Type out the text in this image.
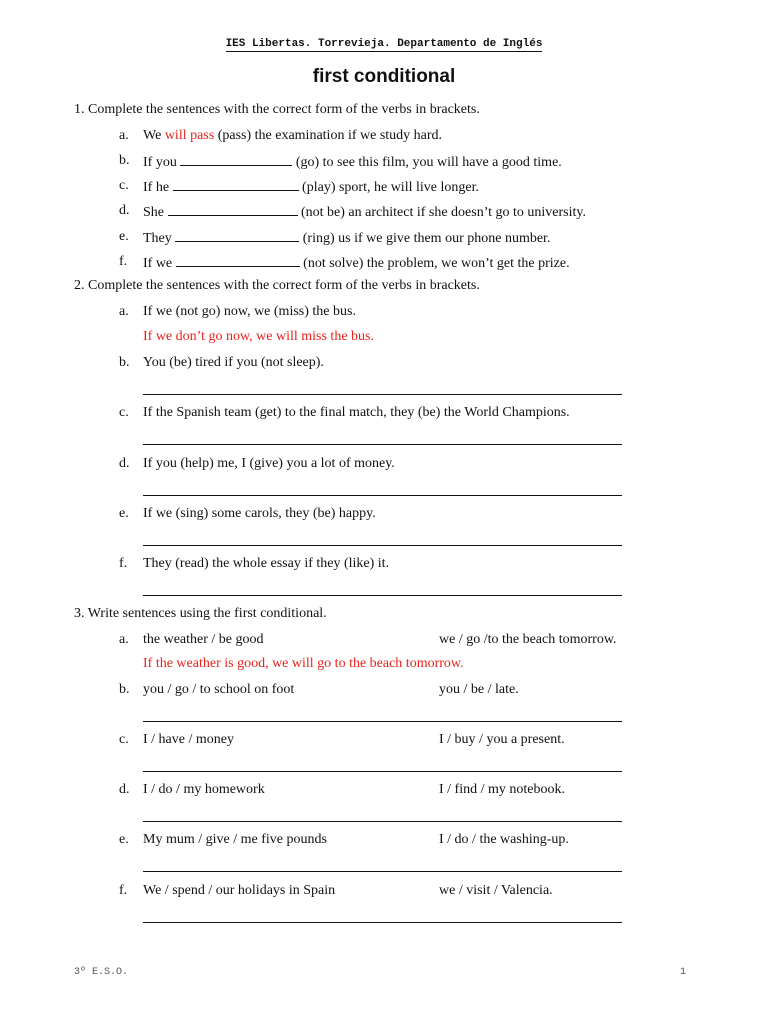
IES Libertas. Torrevieja. Departamento de Inglés
first conditional
1. Complete the sentences with the correct form of the verbs in brackets.
a. We will pass (pass) the examination if we study hard.
b. If you	(go) to see this film, you will have a good time.
c. If he	(play) sport, he will live longer.
d. She	(not be) an architect if she doesn’t go to university.
e. They	(ring) us if we give them our phone number.
f. If we	(not solve) the problem, we won’t get the prize.
2. Complete the sentences with the correct form of the verbs in brackets.
a. If we (not go) now, we (miss) the bus.
If we don’t go now, we will miss the bus.
b. You (be) tired if you (not sleep).
c. If the Spanish team (get) to the final match, they (be) the World Champions.
d. If you (help) me, I (give) you a lot of money.
e. If we (sing) some carols, they (be) happy.
f. They (read) the whole essay if they (like) it.
3. Write sentences using the first conditional.
a. the weather / be good	we / go /to the beach tomorrow.
If the weather is good, we will go to the beach tomorrow.
b. you / go / to school on foot	you / be / late.
c. I / have / money	I / buy / you a present.
d. I / do / my homework	I / find / my notebook.
e. My mum / give / me five pounds	I / do / the washing-up.
f. We / spend / our holidays in Spain	we / visit / Valencia.
3º E.S.O.	1
